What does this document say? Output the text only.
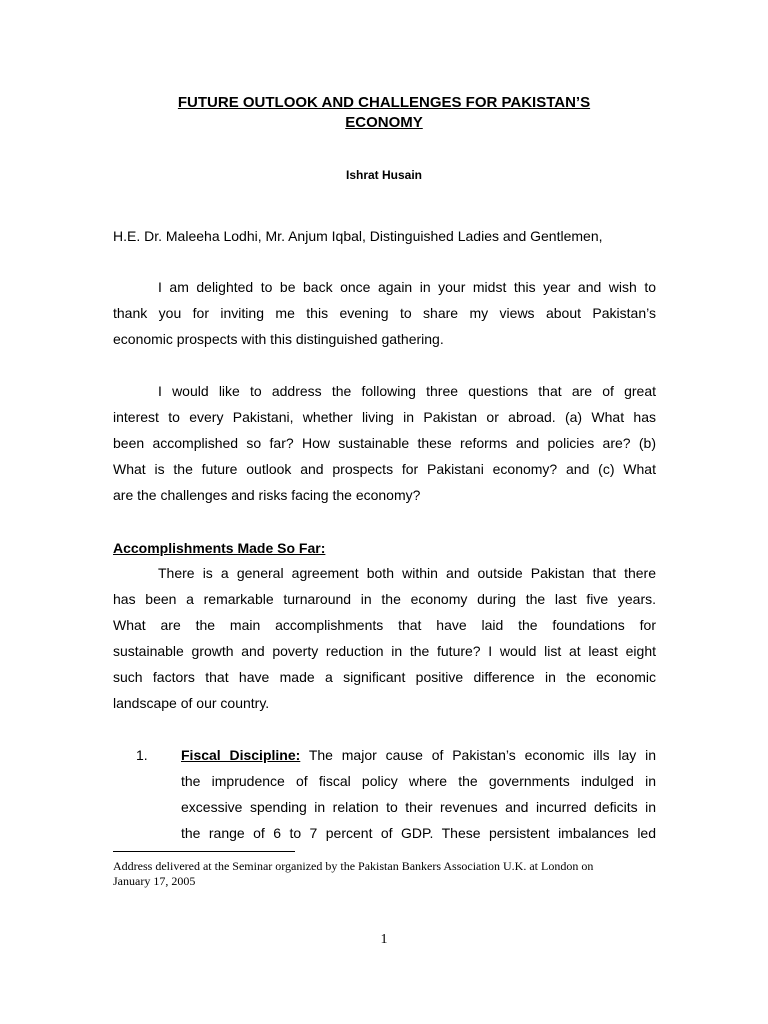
FUTURE OUTLOOK AND CHALLENGES FOR PAKISTAN’S
ECONOMY
Ishrat Husain
H.E. Dr. Maleeha Lodhi, Mr. Anjum Iqbal, Distinguished Ladies and Gentlemen,
I am delighted to be back once again in your midst this year and wish to
thank you for inviting me this evening to share my views about Pakistan’s
economic prospects with this distinguished gathering.
I would like to address the following three questions that are of great
interest to every Pakistani, whether living in Pakistan or abroad. (a) What has
been accomplished so far? How sustainable these reforms and policies are? (b)
What is the future outlook and prospects for Pakistani economy? and (c) What
are the challenges and risks facing the economy?
Accomplishments Made So Far:
There is a general agreement both within and outside Pakistan that there
has been a remarkable turnaround in the economy during the last five years.
What are the main accomplishments that have laid the foundations for
sustainable growth and poverty reduction in the future? I would list at least eight
such factors that have made a significant positive difference in the economic
landscape of our country.
1. Fiscal Discipline: The major cause of Pakistan’s economic ills lay in
the imprudence of fiscal policy where the governments indulged in
excessive spending in relation to their revenues and incurred deficits in
the range of 6 to 7 percent of GDP. These persistent imbalances led
Address delivered at the Seminar organized by the Pakistan Bankers Association U.K. at London on
January 17, 2005
1
